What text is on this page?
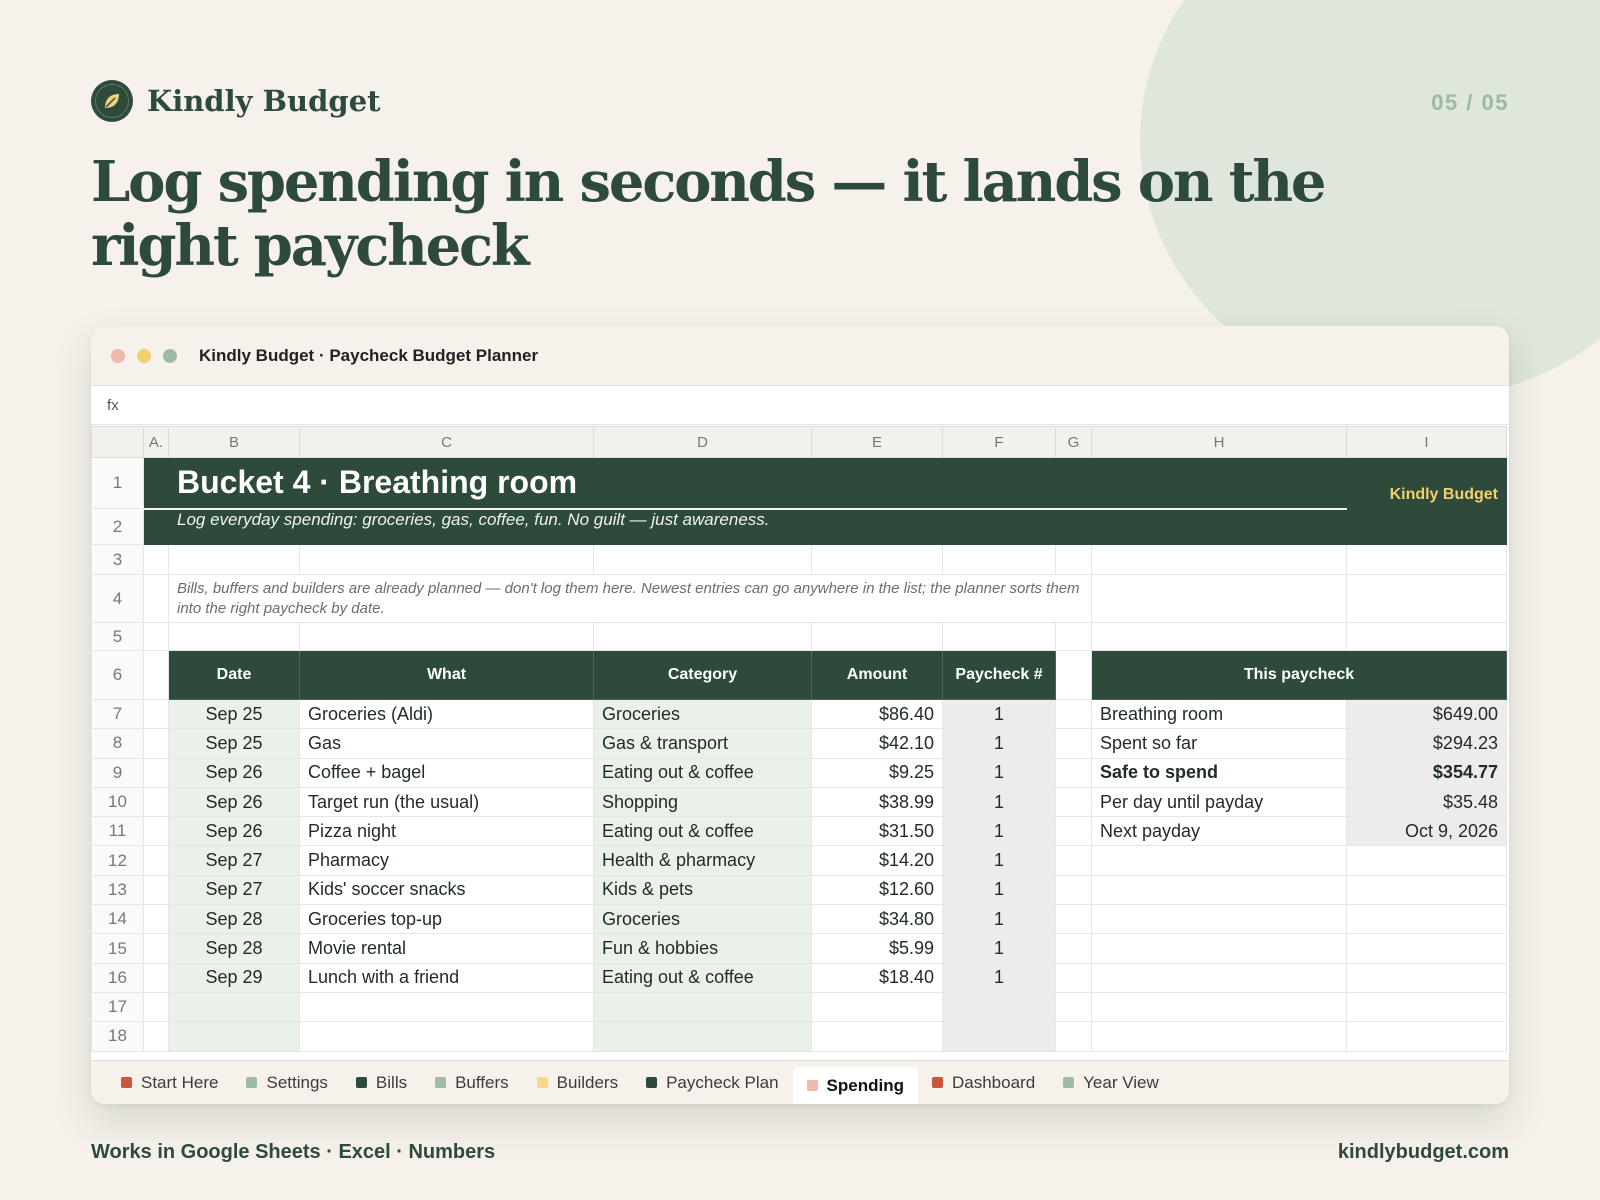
Kindly Budget	05 / 05
Log spending in seconds — it lands on the right paycheck
Kindly Budget · Paycheck Budget Planner
fx
	A.	B	C	D	E	F	G	H	I
1		Bucket 4 · Breathing room							Kindly Budget
2		Log everyday spending: groceries, gas, coffee, fun. No guilt — just awareness.							
3									
4		Bills, buffers and builders are already planned — don't log them here. Newest entries can go anywhere in the list; the planner sorts them into the right paycheck by date.							
5									
6		Date	What	Category	Amount	Paycheck #		This paycheck	
7		Sep 25	Groceries (Aldi)	Groceries	$86.40	1		Breathing room	$649.00
8		Sep 25	Gas	Gas & transport	$42.10	1		Spent so far	$294.23
9		Sep 26	Coffee + bagel	Eating out & coffee	$9.25	1		Safe to spend	$354.77
10		Sep 26	Target run (the usual)	Shopping	$38.99	1		Per day until payday	$35.48
11		Sep 26	Pizza night	Eating out & coffee	$31.50	1		Next payday	Oct 9, 2026
12		Sep 27	Pharmacy	Health & pharmacy	$14.20	1			
13		Sep 27	Kids' soccer snacks	Kids & pets	$12.60	1			
14		Sep 28	Groceries top-up	Groceries	$34.80	1			
15		Sep 28	Movie rental	Fun & hobbies	$5.99	1			
16		Sep 29	Lunch with a friend	Eating out & coffee	$18.40	1			
17									
18									
Start Here	Settings	Bills	Buffers	Builders	Paycheck Plan	Spending	Dashboard	Year View
Works in Google Sheets · Excel · Numbers	kindlybudget.com
